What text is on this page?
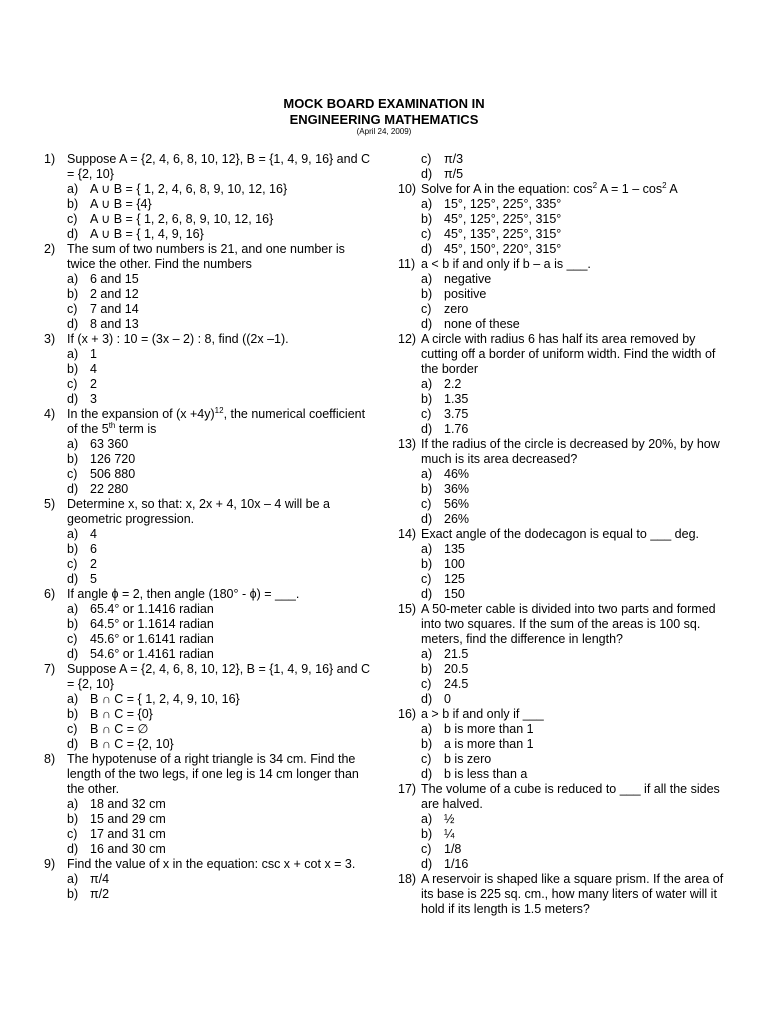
MOCK BOARD EXAMINATION IN
ENGINEERING MATHEMATICS
(April 24, 2009)
1) Suppose A = {2, 4, 6, 8, 10, 12}, B = {1, 4, 9, 16} and C = {2, 10}
a) A ∪ B = { 1, 2, 4, 6, 8, 9, 10, 12, 16}
b) A ∪ B = {4}
c) A ∪ B = { 1, 2, 6, 8, 9, 10, 12, 16}
d) A ∪ B = { 1, 4, 9, 16}
2) The sum of two numbers is 21, and one number is twice the other. Find the numbers
a) 6 and 15
b) 2 and 12
c) 7 and 14
d) 8 and 13
3) If (x + 3) : 10 = (3x – 2) : 8, find ((2x –1).
a) 1
b) 4
c) 2
d) 3
4) In the expansion of $(x +4y)^{12}$, the numerical coefficient of the 5th term is
a) 63 360
b) 126 720
c) 506 880
d) 22 280
5) Determine x, so that: x, 2x + 4, 10x – 4 will be a geometric progression.
a) 4
b) 6
c) 2
d) 5
6) If angle ϕ = 2, then angle (180° - ϕ) = ___.
a) 65.4° or 1.1416 radian
b) 64.5° or 1.1614 radian
c) 45.6° or 1.6141 radian
d) 54.6° or 1.4161 radian
7) Suppose A = {2, 4, 6, 8, 10, 12}, B = {1, 4, 9, 16} and C = {2, 10}
a) B ∩ C = { 1, 2, 4, 9, 10, 16}
b) B ∩ C = {0}
c) B ∩ C = ∅
d) B ∩ C = {2, 10}
8) The hypotenuse of a right triangle is 34 cm. Find the length of the two legs, if one leg is 14 cm longer than the other.
a) 18 and 32 cm
b) 15 and 29 cm
c) 17 and 31 cm
d) 16 and 30 cm
9) Find the value of x in the equation: csc x + cot x = 3.
a) π/4
b) π/2
c) π/3
d) π/5
10) Solve for A in the equation: $\cos^2 A = 1 - \cos^2 A$
a) 15°, 125°, 225°, 335°
b) 45°, 125°, 225°, 315°
c) 45°, 135°, 225°, 315°
d) 45°, 150°, 220°, 315°
11) a < b if and only if b – a is ___.
a) negative
b) positive
c) zero
d) none of these
12) A circle with radius 6 has half its area removed by cutting off a border of uniform width. Find the width of the border
a) 2.2
b) 1.35
c) 3.75
d) 1.76
13) If the radius of the circle is decreased by 20%, by how much is its area decreased?
a) 46%
b) 36%
c) 56%
d) 26%
14) Exact angle of the dodecagon is equal to ___ deg.
a) 135
b) 100
c) 125
d) 150
15) A 50-meter cable is divided into two parts and formed into two squares. If the sum of the areas is 100 sq. meters, find the difference in length?
a) 21.5
b) 20.5
c) 24.5
d) 0
16) a > b if and only if ___
a) b is more than 1
b) a is more than 1
c) b is zero
d) b is less than a
17) The volume of a cube is reduced to ___ if all the sides are halved.
a) ½
b) ¼
c) 1/8
d) 1/16
18) A reservoir is shaped like a square prism. If the area of its base is 225 sq. cm., how many liters of water will it hold if its length is 1.5 meters?
